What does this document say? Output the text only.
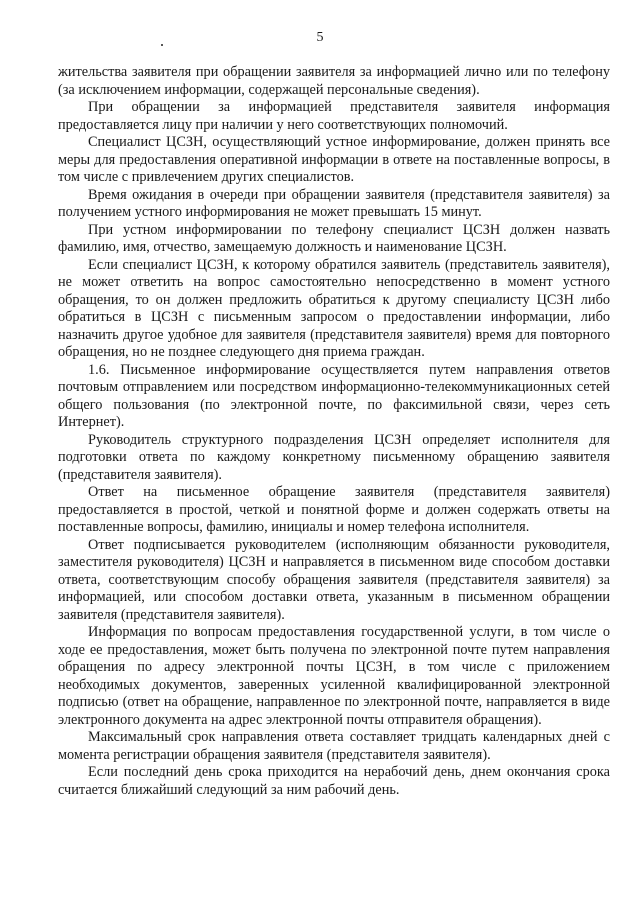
5

жительства заявителя при обращении заявителя за информацией лично или по телефону (за исключением информации, содержащей персональные сведения).

При обращении за информацией представителя заявителя информация предоставляется лицу при наличии у него соответствующих полномочий.

Специалист ЦСЗН, осуществляющий устное информирование, должен принять все меры для предоставления оперативной информации в ответе на поставленные вопросы, в том числе с привлечением других специалистов.

Время ожидания в очереди при обращении заявителя (представителя заявителя) за получением устного информирования не может превышать 15 минут.

При устном информировании по телефону специалист ЦСЗН должен назвать фамилию, имя, отчество, замещаемую должность и наименование ЦСЗН.

Если специалист ЦСЗН, к которому обратился заявитель (представитель заявителя), не может ответить на вопрос самостоятельно непосредственно в момент устного обращения, то он должен предложить обратиться к другому специалисту ЦСЗН либо обратиться в ЦСЗН с письменным запросом о предоставлении информации, либо назначить другое удобное для заявителя (представителя заявителя) время для повторного обращения, но не позднее следующего дня приема граждан.

1.6. Письменное информирование осуществляется путем направления ответов почтовым отправлением или посредством информационно-телекоммуникационных сетей общего пользования (по электронной почте, по факсимильной связи, через сеть Интернет).

Руководитель структурного подразделения ЦСЗН определяет исполнителя для подготовки ответа по каждому конкретному письменному обращению заявителя (представителя заявителя).

Ответ на письменное обращение заявителя (представителя заявителя) предоставляется в простой, четкой и понятной форме и должен содержать ответы на поставленные вопросы, фамилию, инициалы и номер телефона исполнителя.

Ответ подписывается руководителем (исполняющим обязанности руководителя, заместителя руководителя) ЦСЗН и направляется в письменном виде способом доставки ответа, соответствующим способу обращения заявителя (представителя заявителя) за информацией, или способом доставки ответа, указанным в письменном обращении заявителя (представителя заявителя).

Информация по вопросам предоставления государственной услуги, в том числе о ходе ее предоставления, может быть получена по электронной почте путем направления обращения по адресу электронной почты ЦСЗН, в том числе с приложением необходимых документов, заверенных усиленной квалифицированной электронной подписью (ответ на обращение, направленное по электронной почте, направляется в виде электронного документа на адрес электронной почты отправителя обращения).

Максимальный срок направления ответа составляет тридцать календарных дней с момента регистрации обращения заявителя (представителя заявителя).

Если последний день срока приходится на нерабочий день, днем окончания срока считается ближайший следующий за ним рабочий день.
